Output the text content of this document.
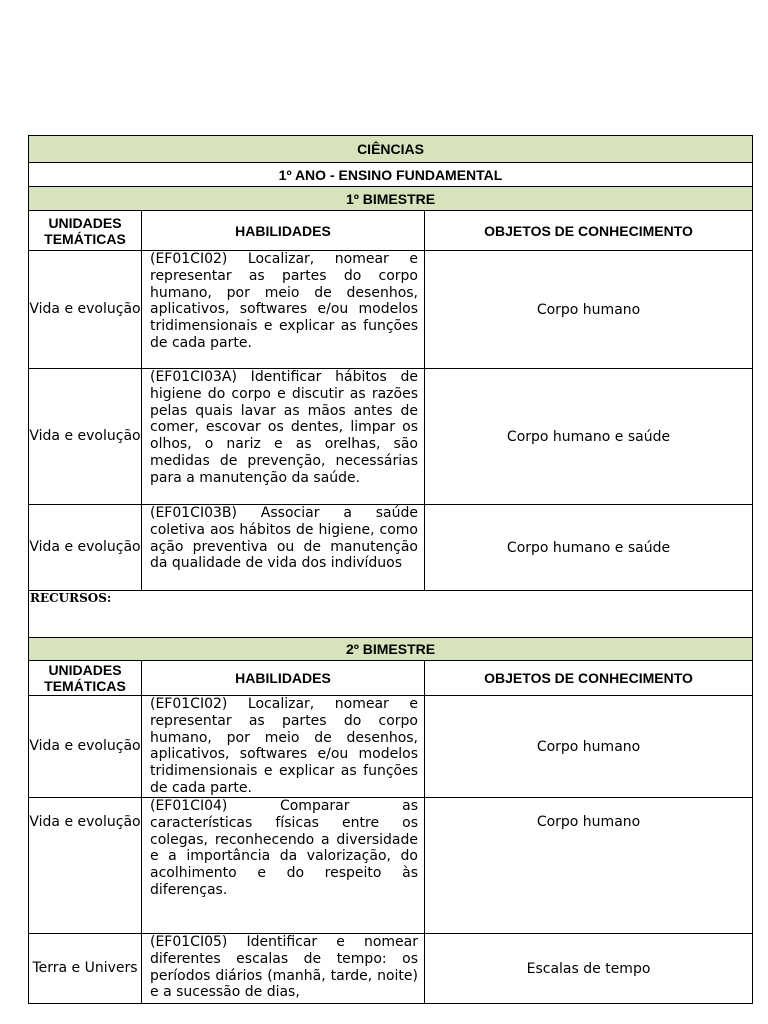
CIÊNCIAS		
1º ANO - ENSINO FUNDAMENTAL		
1º BIMESTRE		
UNIDADES TEMÁTICAS	HABILIDADES	OBJETOS DE CONHECIMENTO
Vida e evolução	(EF01CI02) Localizar, nomear e representar as partes do corpo humano, por meio de desenhos, aplicativos, softwares e/ou modelos tridimensionais e explicar as funções de cada parte.	Corpo humano
Vida e evolução	(EF01CI03A) Identificar hábitos de higiene do corpo e discutir as razões pelas quais lavar as mãos antes de comer, escovar os dentes, limpar os olhos, o nariz e as orelhas, são medidas de prevenção, necessárias para a manutenção da saúde.	Corpo humano e saúde
Vida e evolução	(EF01CI03B) Associar a saúde coletiva aos hábitos de higiene, como ação preventiva ou de manutenção da qualidade de vida dos indivíduos	Corpo humano e saúde
RECURSOS:		
2º BIMESTRE		
UNIDADES TEMÁTICAS	HABILIDADES	OBJETOS DE CONHECIMENTO
Vida e evolução	(EF01CI02) Localizar, nomear e representar as partes do corpo humano, por meio de desenhos, aplicativos, softwares e/ou modelos tridimensionais e explicar as funções de cada parte.	Corpo humano
Vida e evolução	(EF01CI04) Comparar as características físicas entre os colegas, reconhecendo a diversidade e a importância da valorização, do acolhimento e do respeito às diferenças.	Corpo humano
Terra e Univers	(EF01CI05) Identificar e nomear diferentes escalas de tempo: os períodos diários (manhã, tarde, noite) e a sucessão de dias,	Escalas de tempo
